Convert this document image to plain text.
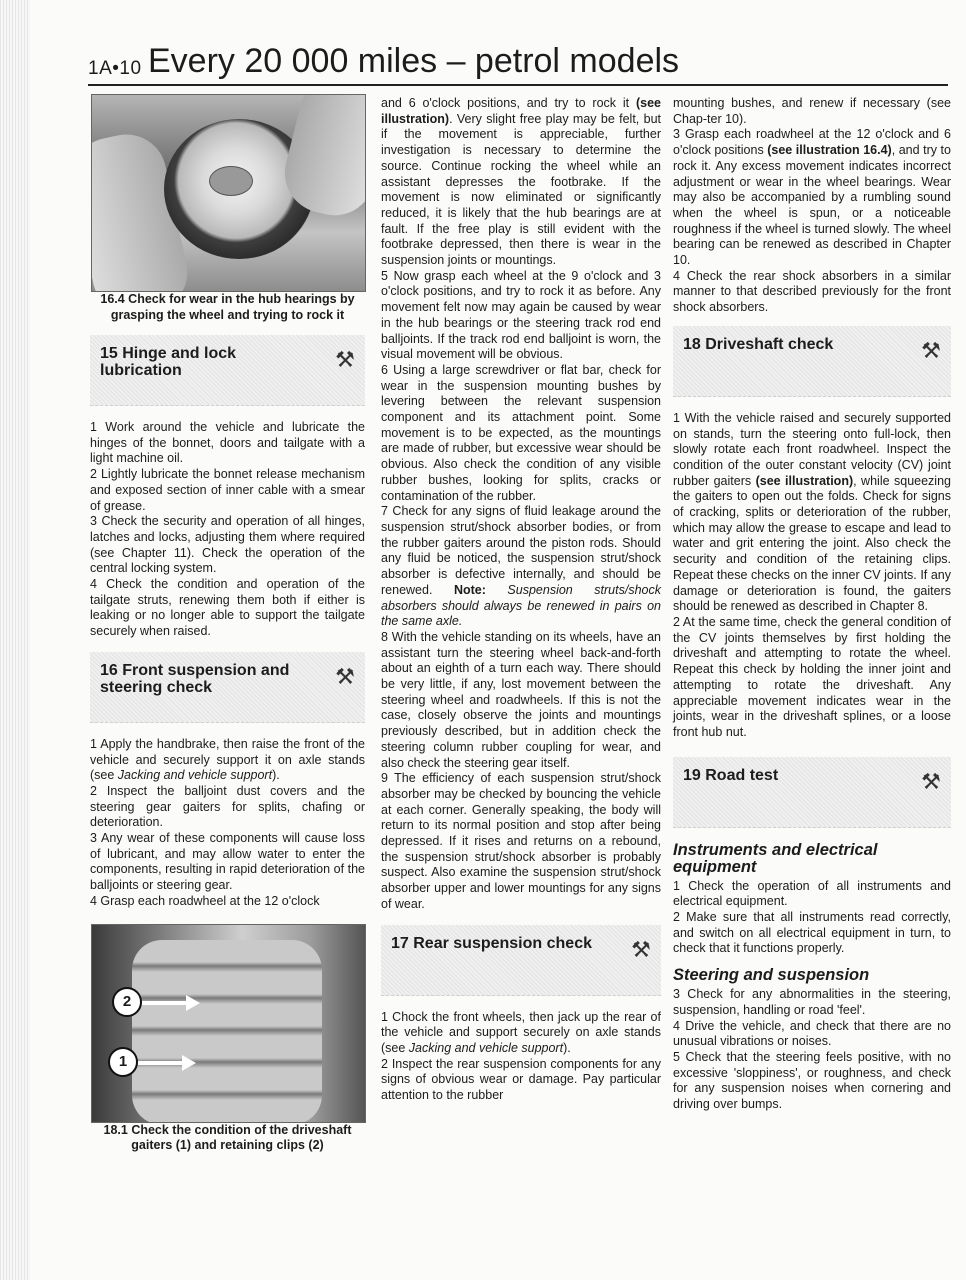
1A•10 Every 20 000 miles – petrol models

16.4 Check for wear in the hub hearings by grasping the wheel and trying to rock it

15 Hinge and lock lubrication	⚒

1 Work around the vehicle and lubricate the hinges of the bonnet, doors and tailgate with a light machine oil.

2 Lightly lubricate the bonnet release mechanism and exposed section of inner cable with a smear of grease.

3 Check the security and operation of all hinges, latches and locks, adjusting them where required (see Chapter 11). Check the operation of the central locking system.

4 Check the condition and operation of the tailgate struts, renewing them both if either is leaking or no longer able to support the tailgate securely when raised.

16 Front suspension and steering check	⚒

1 Apply the handbrake, then raise the front of the vehicle and securely support it on axle stands (see Jacking and vehicle support).

2 Inspect the balljoint dust covers and the steering gear gaiters for splits, chafing or deterioration.

3 Any wear of these components will cause loss of lubricant, and may allow water to enter the components, resulting in rapid deterioration of the balljoints or steering gear.

4 Grasp each roadwheel at the 12 o'clock

2
1

18.1 Check the condition of the driveshaft gaiters (1) and retaining clips (2)

and 6 o'clock positions, and try to rock it (see illustration). Very slight free play may be felt, but if the movement is appreciable, further investigation is necessary to determine the source. Continue rocking the wheel while an assistant depresses the footbrake. If the movement is now eliminated or significantly reduced, it is likely that the hub bearings are at fault. If the free play is still evident with the footbrake depressed, then there is wear in the suspension joints or mountings.

5 Now grasp each wheel at the 9 o'clock and 3 o'clock positions, and try to rock it as before. Any movement felt now may again be caused by wear in the hub bearings or the steering track rod end balljoints. If the track rod end balljoint is worn, the visual movement will be obvious.

6 Using a large screwdriver or flat bar, check for wear in the suspension mounting bushes by levering between the relevant suspension component and its attachment point. Some movement is to be expected, as the mountings are made of rubber, but excessive wear should be obvious. Also check the condition of any visible rubber bushes, looking for splits, cracks or contamination of the rubber.

7 Check for any signs of fluid leakage around the suspension strut/shock absorber bodies, or from the rubber gaiters around the piston rods. Should any fluid be noticed, the suspension strut/shock absorber is defective internally, and should be renewed. Note: Suspension struts/shock absorbers should always be renewed in pairs on the same axle.

8 With the vehicle standing on its wheels, have an assistant turn the steering wheel back-and-forth about an eighth of a turn each way. There should be very little, if any, lost movement between the steering wheel and roadwheels. If this is not the case, closely observe the joints and mountings previously described, but in addition check the steering column rubber coupling for wear, and also check the steering gear itself.

9 The efficiency of each suspension strut/shock absorber may be checked by bouncing the vehicle at each corner. Generally speaking, the body will return to its normal position and stop after being depressed. If it rises and returns on a rebound, the suspension strut/shock absorber is probably suspect. Also examine the suspension strut/shock absorber upper and lower mountings for any signs of wear.

17 Rear suspension check	⚒

1 Chock the front wheels, then jack up the rear of the vehicle and support securely on axle stands (see Jacking and vehicle support).

2 Inspect the rear suspension components for any signs of obvious wear or damage. Pay particular attention to the rubber

mounting bushes, and renew if necessary (see Chap-ter 10).

3 Grasp each roadwheel at the 12 o'clock and 6 o'clock positions (see illustration 16.4), and try to rock it. Any excess movement indicates incorrect adjustment or wear in the wheel bearings. Wear may also be accompanied by a rumbling sound when the wheel is spun, or a noticeable roughness if the wheel is turned slowly. The wheel bearing can be renewed as described in Chapter 10.

4 Check the rear shock absorbers in a similar manner to that described previously for the front shock absorbers.

18 Driveshaft check	⚒

1 With the vehicle raised and securely supported on stands, turn the steering onto full-lock, then slowly rotate each front roadwheel. Inspect the condition of the outer constant velocity (CV) joint rubber gaiters (see illustration), while squeezing the gaiters to open out the folds. Check for signs of cracking, splits or deterioration of the rubber, which may allow the grease to escape and lead to water and grit entering the joint. Also check the security and condition of the retaining clips. Repeat these checks on the inner CV joints. If any damage or deterioration is found, the gaiters should be renewed as described in Chapter 8.

2 At the same time, check the general condition of the CV joints themselves by first holding the driveshaft and attempting to rotate the wheel. Repeat this check by holding the inner joint and attempting to rotate the driveshaft. Any appreciable movement indicates wear in the joints, wear in the driveshaft splines, or a loose front hub nut.

19 Road test	⚒
Instruments and electrical equipment

1 Check the operation of all instruments and electrical equipment.

2 Make sure that all instruments read correctly, and switch on all electrical equipment in turn, to check that it functions properly.

Steering and suspension

3 Check for any abnormalities in the steering, suspension, handling or road 'feel'.

4 Drive the vehicle, and check that there are no unusual vibrations or noises.

5 Check that the steering feels positive, with no excessive 'sloppiness', or roughness, and check for any suspension noises when cornering and driving over bumps.
